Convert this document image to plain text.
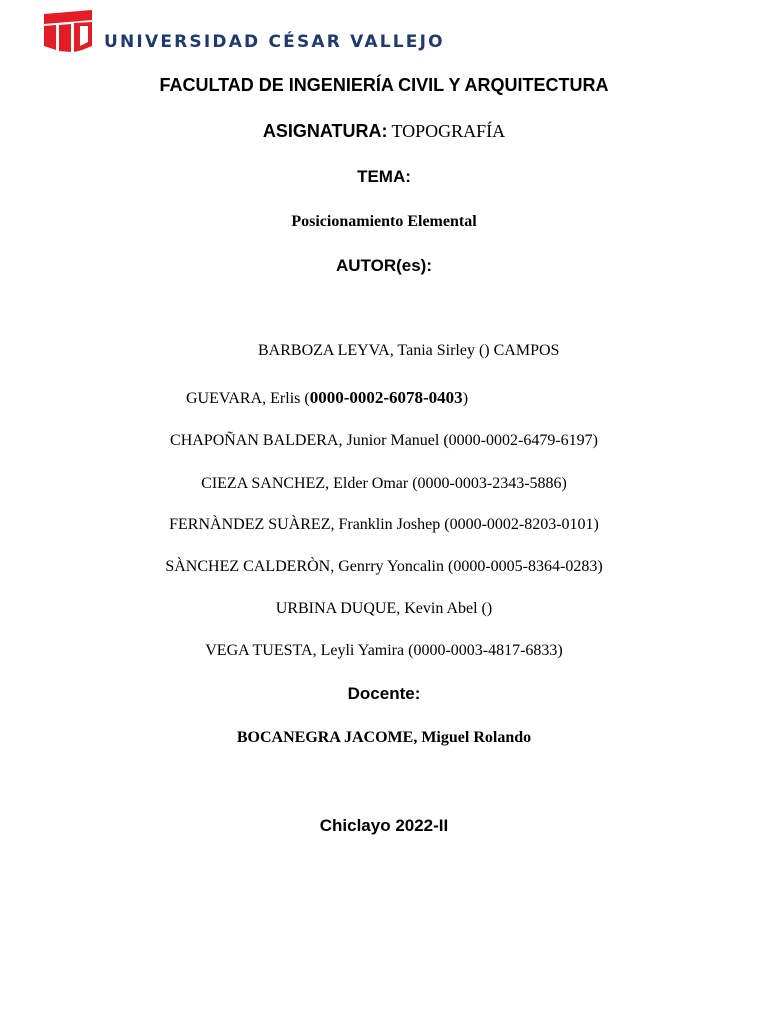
UNIVERSIDAD CÉSAR VALLEJO
FACULTAD DE INGENIERÍA CIVIL Y ARQUITECTURA
ASIGNATURA: TOPOGRAFÍA
TEMA:
Posicionamiento Elemental
AUTOR(es):
BARBOZA LEYVA, Tania Sirley () CAMPOS
GUEVARA, Erlis (0000-0002-6078-0403)
CHAPOÑAN BALDERA, Junior Manuel (0000-0002-6479-6197)
CIEZA SANCHEZ, Elder Omar (0000-0003-2343-5886)
FERNÀNDEZ SUÀREZ, Franklin Joshep (0000-0002-8203-0101)
SÀNCHEZ CALDERÒN, Genrry Yoncalin (0000-0005-8364-0283)
URBINA DUQUE, Kevin Abel ()
VEGA TUESTA, Leyli Yamira (0000-0003-4817-6833)
Docente:
BOCANEGRA JACOME, Miguel Rolando
Chiclayo 2022-II
